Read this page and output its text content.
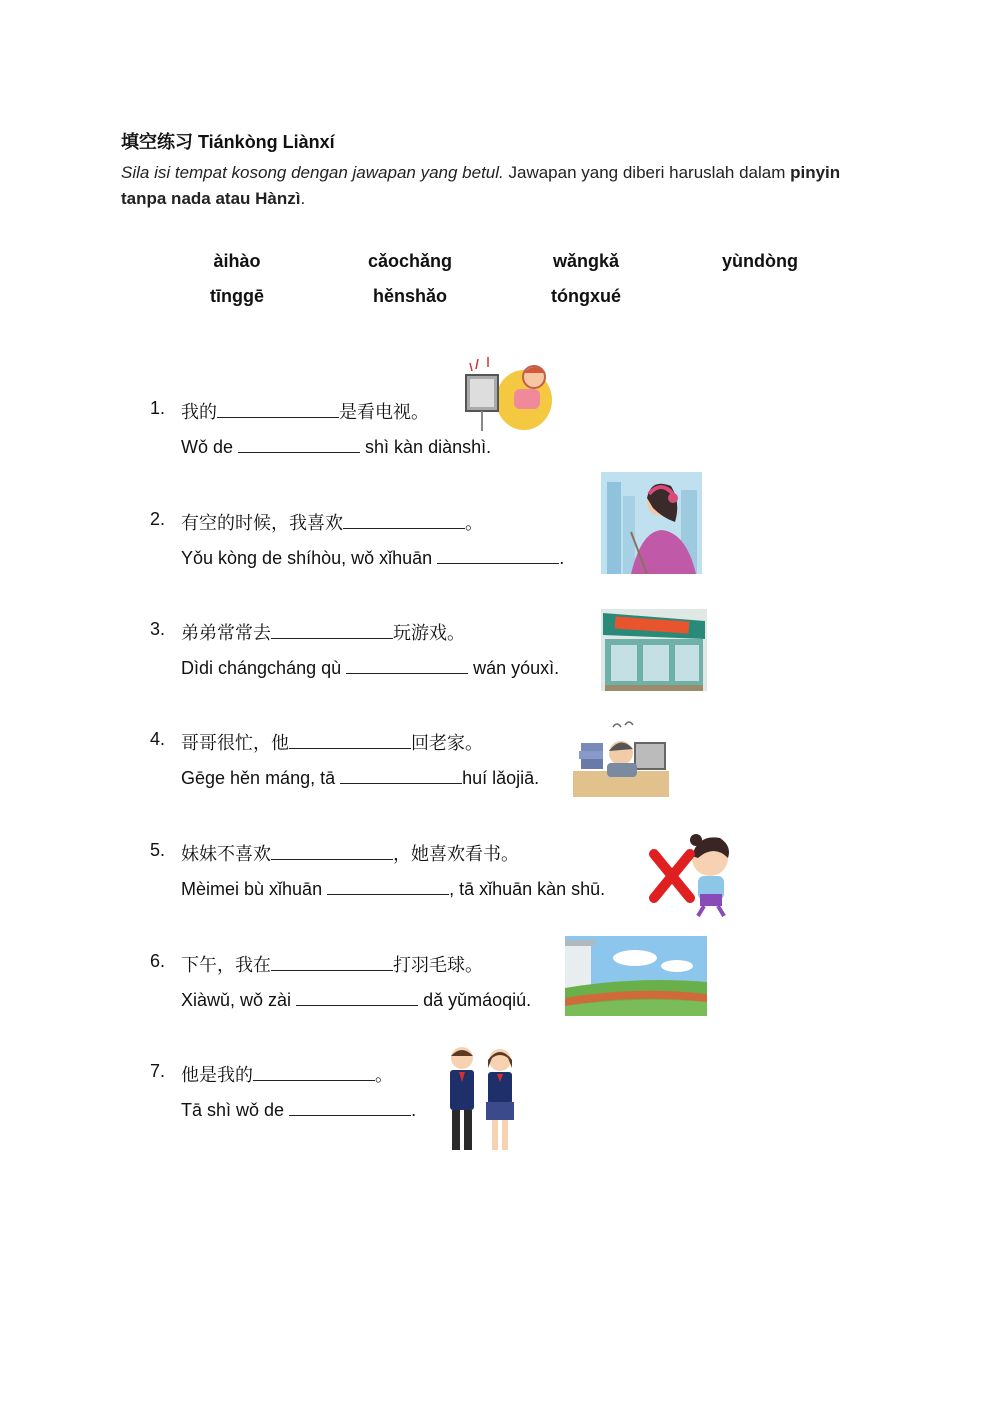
填空练习 Tiánkòng Liànxí
Sila isi tempat kosong dengan jawapan yang betul. Jawapan yang diberi haruslah dalam pinyin tanpa nada atau Hànzì.
àihào	cǎochǎng	wǎngkǎ	yùndòng
tīnggē	hěnshǎo	tóngxué
1. 我的	是看电视。
Wǒ de	shì kàn diànshì.
2. 有空的时候，我喜欢	。
Yǒu kòng de shíhòu, wǒ xǐhuān	.
3. 弟弟常常去	玩游戏。
Dìdi chángcháng qù	wán yóuxì.
4. 哥哥很忙，他	回老家。
Gēge hěn máng, tā	huí lǎojiā.
5. 妹妹不喜欢	，她喜欢看书。
Mèimei bù xǐhuān	, tā xǐhuān kàn shū.
6. 下午，我在	打羽毛球。
Xiàwǔ, wǒ zài	dǎ yǔmáoqiú.
7. 他是我的	。
Tā shì wǒ de	.
